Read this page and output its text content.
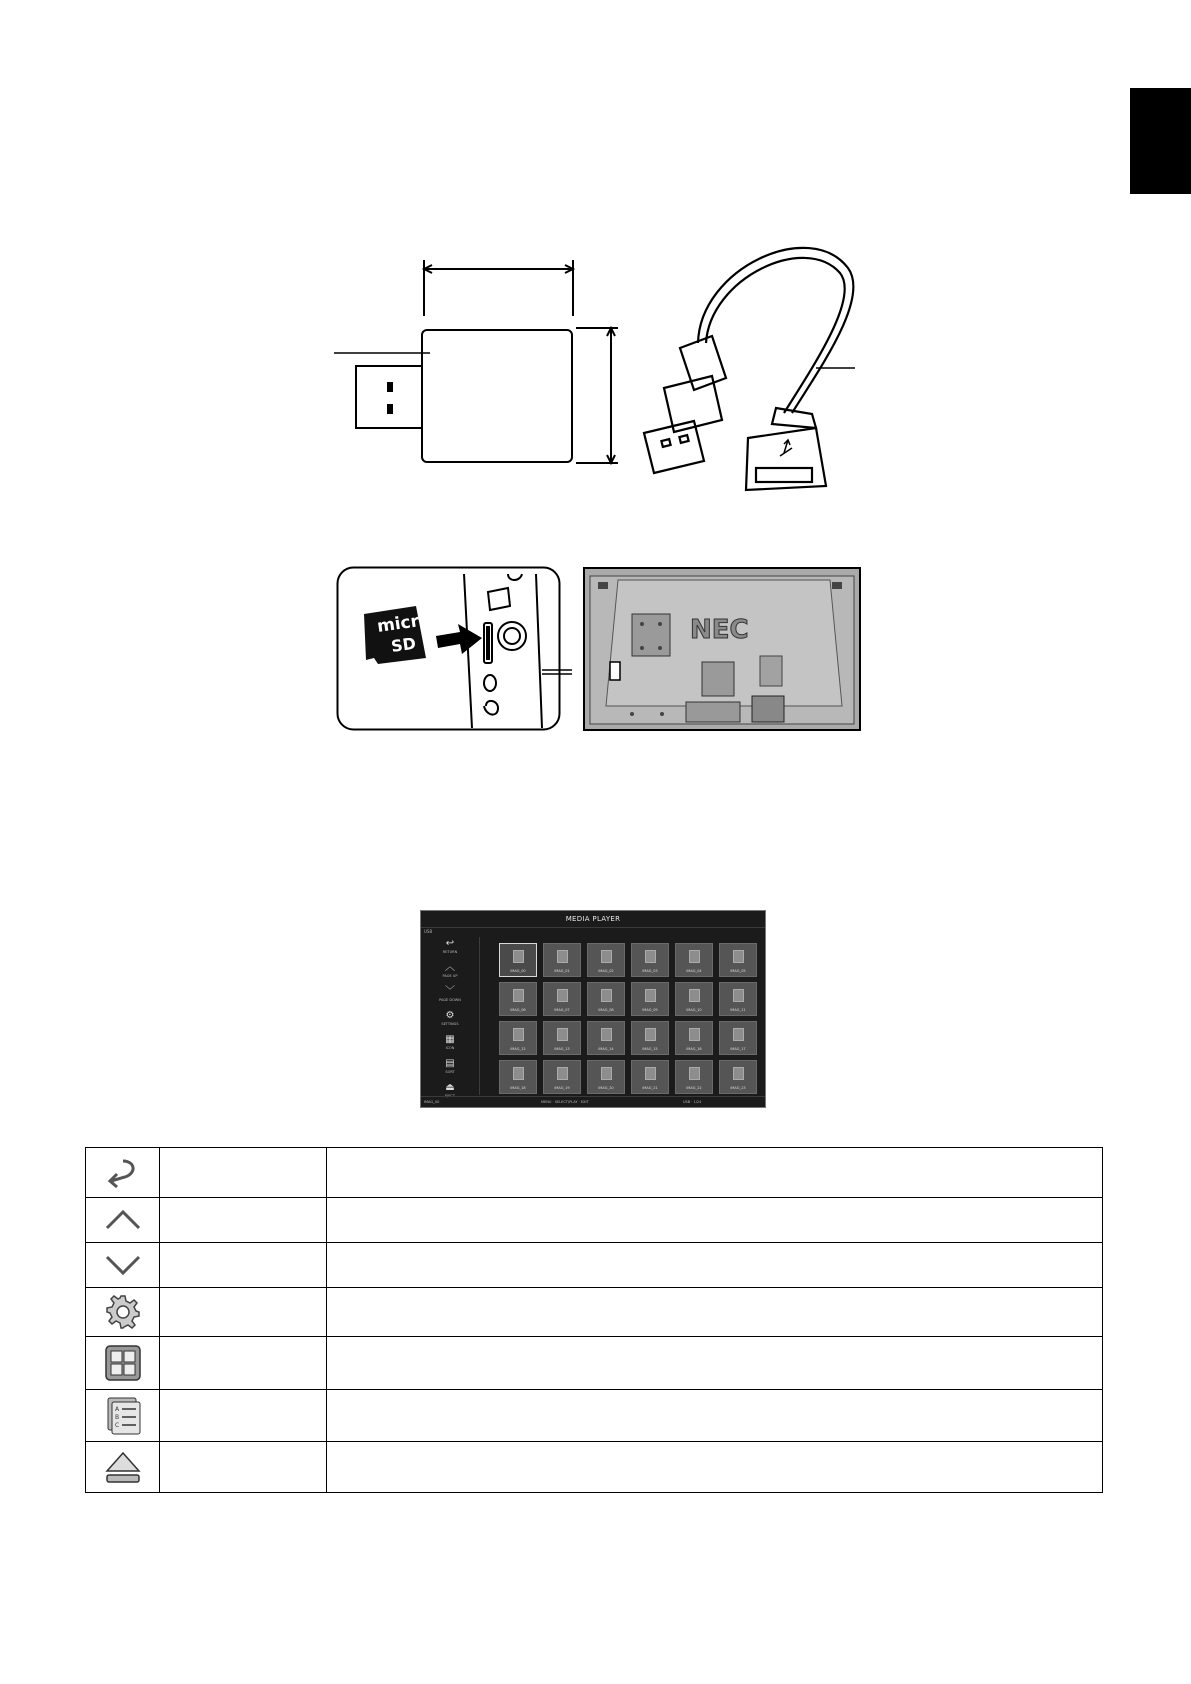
micro
SD	NEC
MEDIA PLAYER
USB
↩
RETURN
︿
PAGE UP
﹀
PAGE DOWN
⚙
SETTINGS
▦
ICON
▤
SORT
⏏
EJECT
IMAG_00	IMAG_01	IMAG_02	IMAG_03	IMAG_04	IMAG_05
IMAG_06	IMAG_07	IMAG_08	IMAG_09	IMAG_10	IMAG_11
IMAG_12	IMAG_13	IMAG_14	IMAG_15	IMAG_16	IMAG_17
IMAG_18	IMAG_19	IMAG_20	IMAG_21	IMAG_22	IMAG_23
IMAG_00	MENU · SELECT/PLAY · EXIT	USB · 1/24

A
B
C		
